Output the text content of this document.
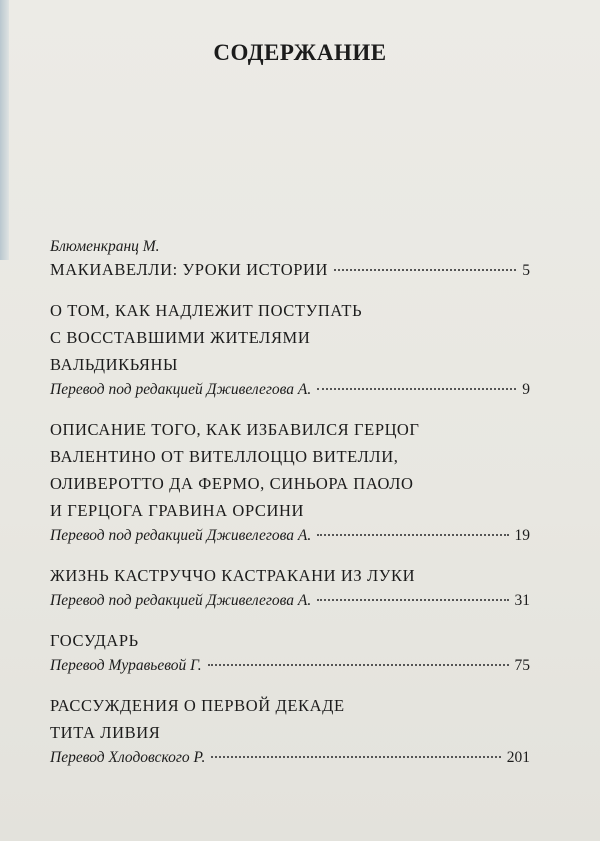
СОДЕРЖАНИЕ
Блюменкранц М.
МАКИАВЕЛЛИ: УРОКИ ИСТОРИИ	5
О ТОМ, КАК НАДЛЕЖИТ ПОСТУПАТЬ
С ВОССТАВШИМИ ЖИТЕЛЯМИ
ВАЛЬДИКЬЯНЫ
Перевод под редакцией Дживелегова А.	9
ОПИСАНИЕ ТОГО, КАК ИЗБАВИЛСЯ ГЕРЦОГ
ВАЛЕНТИНО ОТ ВИТЕЛЛОЦЦО ВИТЕЛЛИ,
ОЛИВЕРОТТО ДА ФЕРМО, СИНЬОРА ПАОЛО
И ГЕРЦОГА ГРАВИНА ОРСИНИ
Перевод под редакцией Дживелегова А.	19
ЖИЗНЬ КАСТРУЧЧО КАСТРАКАНИ ИЗ ЛУКИ
Перевод под редакцией Дживелегова А.	31
ГОСУДАРЬ
Перевод Муравьевой Г.	75
РАССУЖДЕНИЯ О ПЕРВОЙ ДЕКАДЕ
ТИТА ЛИВИЯ
Перевод Хлодовского Р.	201
